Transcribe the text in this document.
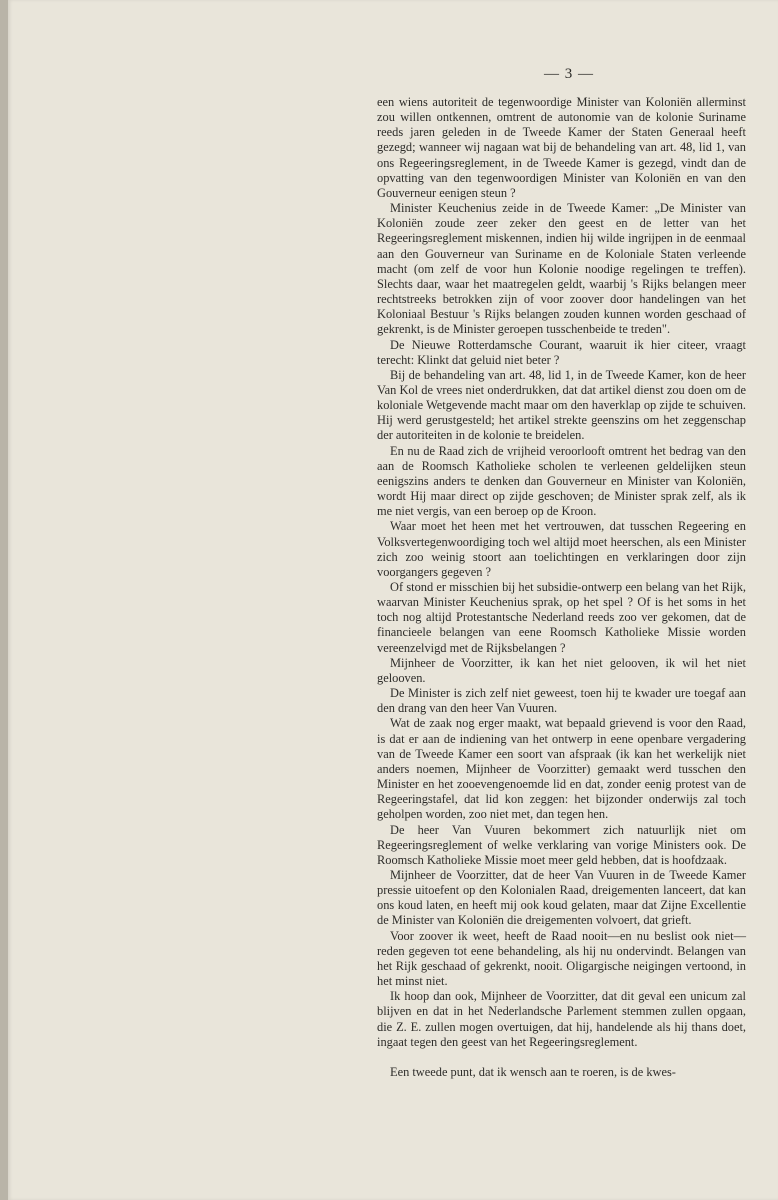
— 3 —

een wiens autoriteit de tegenwoordige Minister van Koloniën allerminst zou willen ontkennen, omtrent de autonomie van de kolonie Suriname reeds jaren geleden in de Tweede Kamer der Staten Generaal heeft gezegd; wanneer wij nagaan wat bij de behandeling van art. 48, lid 1, van ons Regeeringsreglement, in de Tweede Kamer is gezegd, vindt dan de opvatting van den tegenwoordigen Minister van Koloniën en van den Gouverneur eenigen steun ?

Minister Keuchenius zeide in de Tweede Kamer: „De Minister van Koloniën zoude zeer zeker den geest en de letter van het Regeeringsreglement miskennen, indien hij wilde ingrijpen in de eenmaal aan den Gouverneur van Suriname en de Koloniale Staten verleende macht (om zelf de voor hun Kolonie noodige regelingen te treffen). Slechts daar, waar het maatregelen geldt, waarbij 's Rijks belangen meer rechtstreeks betrokken zijn of voor zoover door handelingen van het Koloniaal Bestuur 's Rijks belangen zouden kunnen worden geschaad of gekrenkt, is de Minister geroepen tusschenbeide te treden".

De Nieuwe Rotterdamsche Courant, waaruit ik hier citeer, vraagt terecht: Klinkt dat geluid niet beter ?

Bij de behandeling van art. 48, lid 1, in de Tweede Kamer, kon de heer Van Kol de vrees niet onderdrukken, dat dat artikel dienst zou doen om de koloniale Wetgevende macht maar om den haverklap op zijde te schuiven. Hij werd gerustgesteld; het artikel strekte geenszins om het zeggenschap der autoriteiten in de kolonie te breidelen.

En nu de Raad zich de vrijheid veroorlooft omtrent het bedrag van den aan de Roomsch Katholieke scholen te verleenen geldelijken steun eenigszins anders te denken dan Gouverneur en Minister van Koloniën, wordt Hij maar direct op zijde geschoven; de Minister sprak zelf, als ik me niet vergis, van een beroep op de Kroon.

Waar moet het heen met het vertrouwen, dat tusschen Regeering en Volksvertegenwoordiging toch wel altijd moet heerschen, als een Minister zich zoo weinig stoort aan toelichtingen en verklaringen door zijn voorgangers gegeven ?

Of stond er misschien bij het subsidie-ontwerp een belang van het Rijk, waarvan Minister Keuchenius sprak, op het spel ? Of is het soms in het toch nog altijd Protestantsche Nederland reeds zoo ver gekomen, dat de financieele belangen van eene Roomsch Katholieke Missie worden vereenzelvigd met de Rijksbelangen ?

Mijnheer de Voorzitter, ik kan het niet gelooven, ik wil het niet gelooven.

De Minister is zich zelf niet geweest, toen hij te kwader ure toegaf aan den drang van den heer Van Vuuren.

Wat de zaak nog erger maakt, wat bepaald grievend is voor den Raad, is dat er aan de indiening van het ontwerp in eene openbare vergadering van de Tweede Kamer een soort van afspraak (ik kan het werkelijk niet anders noemen, Mijnheer de Voorzitter) gemaakt werd tusschen den Minister en het zooevengenoemde lid en dat, zonder eenig protest van de Regeeringstafel, dat lid kon zeggen: het bijzonder onderwijs zal toch geholpen worden, zoo niet met, dan tegen hen.

De heer Van Vuuren bekommert zich natuurlijk niet om Regeeringsreglement of welke verklaring van vorige Ministers ook. De Roomsch Katholieke Missie moet meer geld hebben, dat is hoofdzaak.

Mijnheer de Voorzitter, dat de heer Van Vuuren in de Tweede Kamer pressie uitoefent op den Kolonialen Raad, dreigementen lanceert, dat kan ons koud laten, en heeft mij ook koud gelaten, maar dat Zijne Excellentie de Minister van Koloniën die dreigementen volvoert, dat grieft.

Voor zoover ik weet, heeft de Raad nooit—en nu beslist ook niet—reden gegeven tot eene behandeling, als hij nu ondervindt. Belangen van het Rijk geschaad of gekrenkt, nooit. Oligargische neigingen vertoond, in het minst niet.

Ik hoop dan ook, Mijnheer de Voorzitter, dat dit geval een unicum zal blijven en dat in het Nederlandsche Parlement stemmen zullen opgaan, die Z. E. zullen mogen overtuigen, dat hij, handelende als hij thans doet, ingaat tegen den geest van het Regeeringsreglement.

Een tweede punt, dat ik wensch aan te roeren, is de kwes-
